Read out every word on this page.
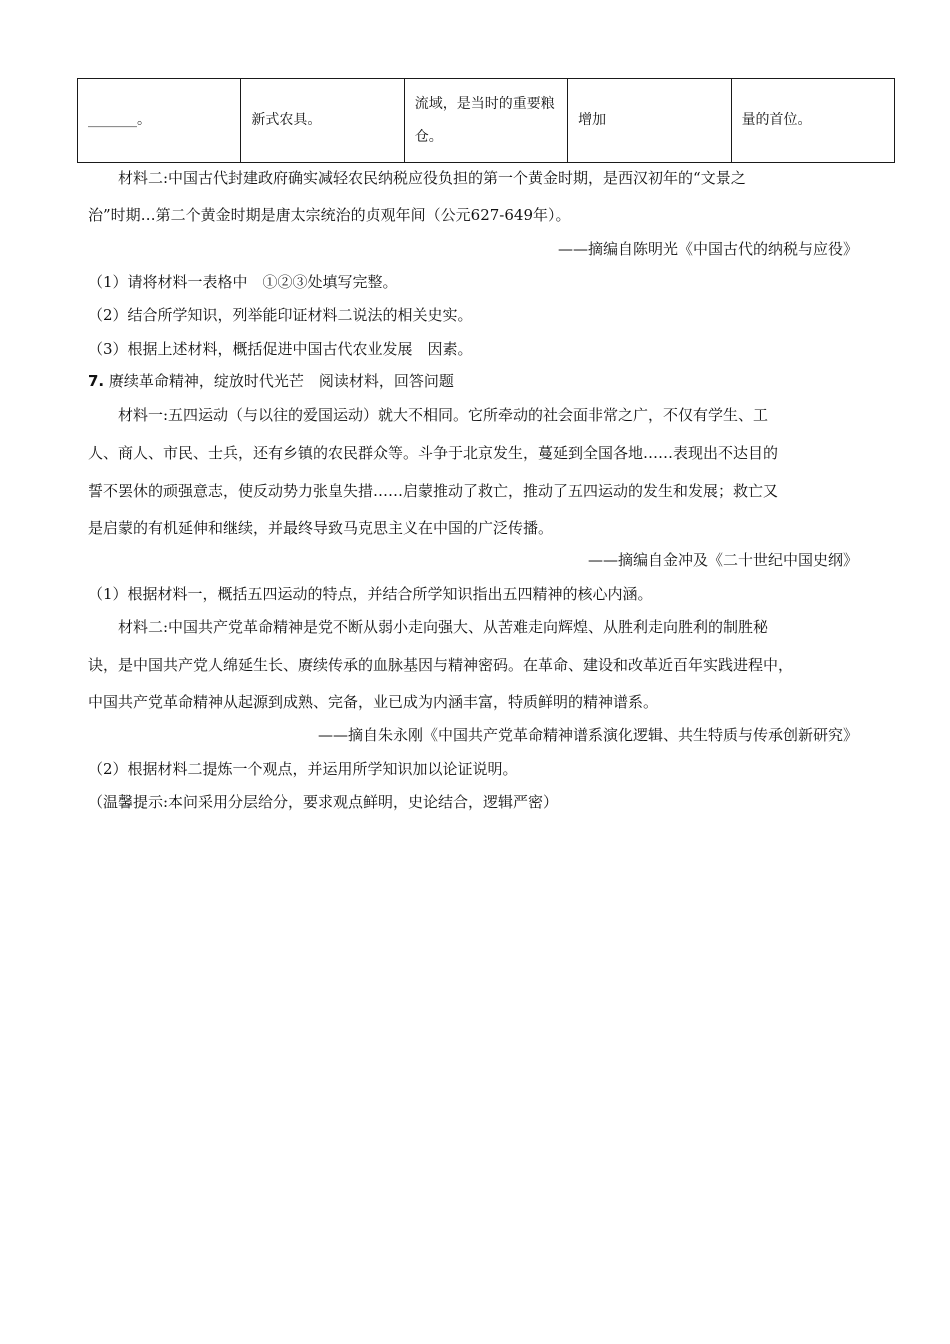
_______。	新式农具。	流域，是当时的重要粮仓。	增加	量的首位。
材料二:中国古代封建政府确实减轻农民纳税应役负担的第一个黄金时期，是西汉初年的“文景之
治”时期…第二个黄金时期是唐太宗统治的贞观年间（公元627-649年）。
——摘编自陈明光《中国古代的纳税与应役》
（1）请将材料一表格中　①②③处填写完整。
（2）结合所学知识，列举能印证材料二说法的相关史实。
（3）根据上述材料，概括促进中国古代农业发展　因素。
7. 赓续革命精神，绽放时代光芒　阅读材料，回答问题
材料一:五四运动（与以往的爱国运动）就大不相同。它所牵动的社会面非常之广，不仅有学生、工
人、商人、市民、士兵，还有乡镇的农民群众等。斗争于北京发生，蔓延到全国各地……表现出不达目的
誓不罢休的顽强意志，使反动势力张皇失措……启蒙推动了救亡，推动了五四运动的发生和发展；救亡又
是启蒙的有机延伸和继续，并最终导致马克思主义在中国的广泛传播。
——摘编自金冲及《二十世纪中国史纲》
（1）根据材料一，概括五四运动的特点，并结合所学知识指出五四精神的核心内涵。
材料二:中国共产党革命精神是党不断从弱小走向强大、从苦难走向辉煌、从胜利走向胜利的制胜秘
诀，是中国共产党人绵延生长、赓续传承的血脉基因与精神密码。在革命、建设和改革近百年实践进程中，
中国共产党革命精神从起源到成熟、完备，业已成为内涵丰富，特质鲜明的精神谱系。
——摘自朱永刚《中国共产党革命精神谱系演化逻辑、共生特质与传承创新研究》
（2）根据材料二提炼一个观点，并运用所学知识加以论证说明。
（温馨提示:本问采用分层给分，要求观点鲜明，史论结合，逻辑严密）
